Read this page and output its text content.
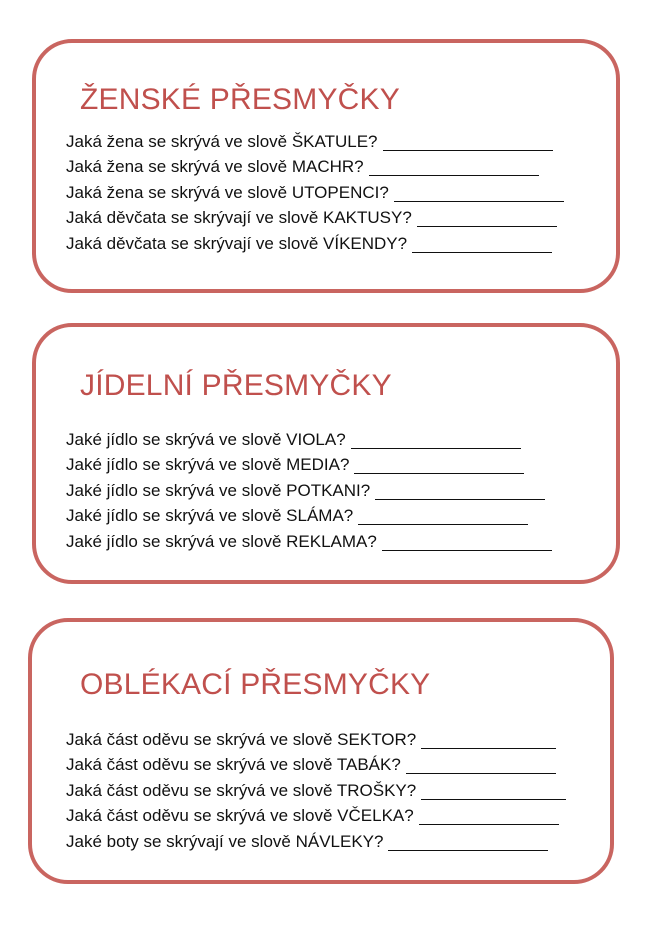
ŽENSKÉ PŘESMYČKY
Jaká žena se skrývá ve slově ŠKATULE?
Jaká žena se skrývá ve slově MACHR?
Jaká žena se skrývá ve slově UTOPENCI?
Jaká děvčata se skrývají ve slově KAKTUSY?
Jaká děvčata se skrývají ve slově VÍKENDY?
JÍDELNÍ PŘESMYČKY
Jaké jídlo se skrývá ve slově VIOLA?
Jaké jídlo se skrývá ve slově MEDIA?
Jaké jídlo se skrývá ve slově POTKANI?
Jaké jídlo se skrývá ve slově SLÁMA?
Jaké jídlo se skrývá ve slově REKLAMA?
OBLÉKACÍ PŘESMYČKY
Jaká část oděvu se skrývá ve slově SEKTOR?
Jaká část oděvu se skrývá ve slově TABÁK?
Jaká část oděvu se skrývá ve slově TROŠKY?
Jaká část oděvu se skrývá ve slově VČELKA?
Jaké boty se skrývají ve slově NÁVLEKY?
